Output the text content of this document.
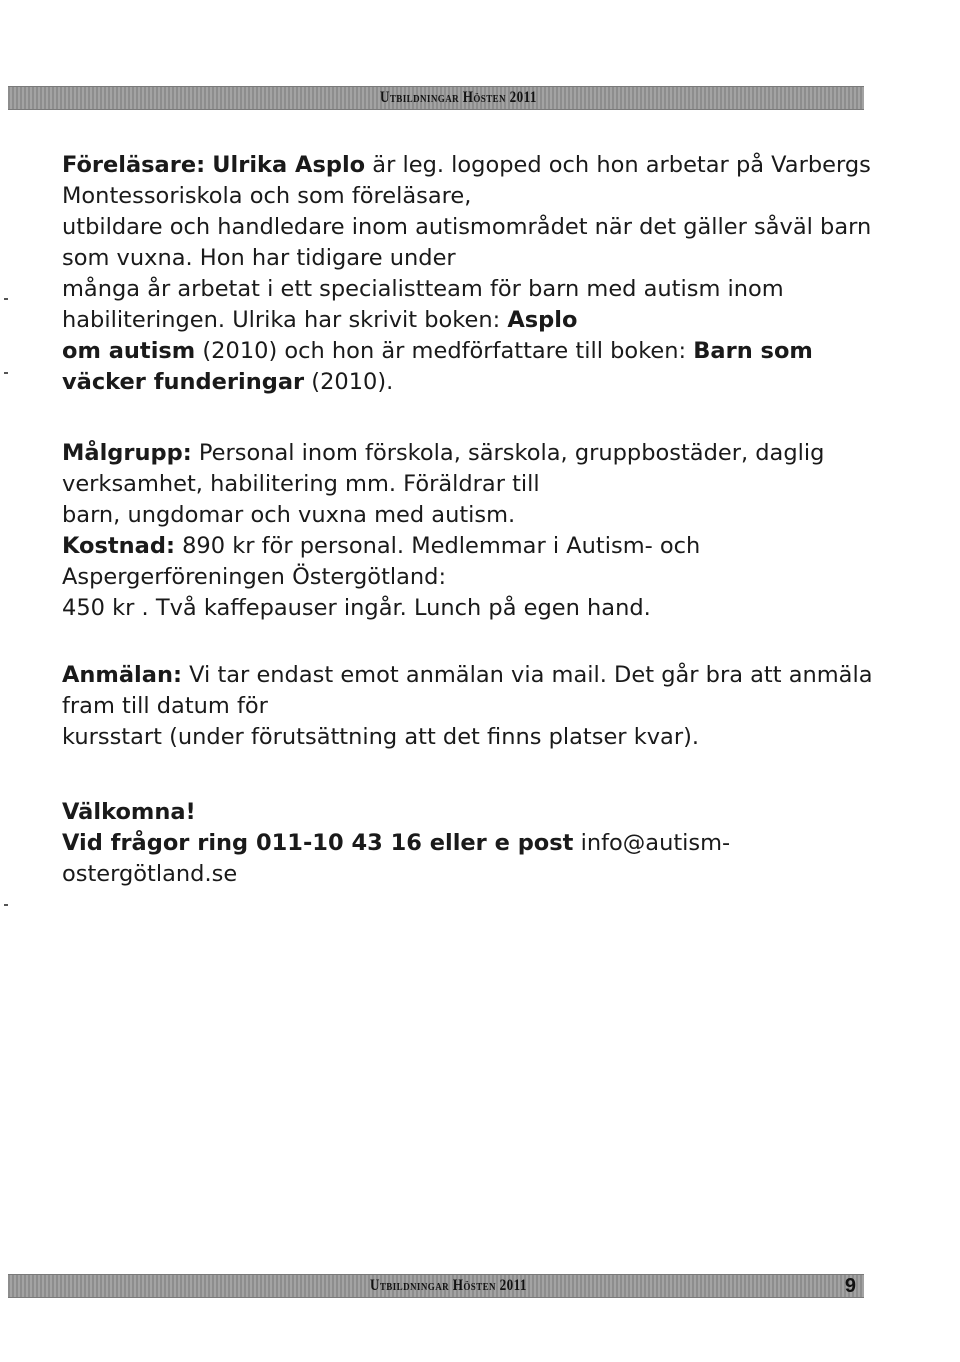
Utbildningar Hösten 2011

Föreläsare: Ulrika Asplo är leg. logoped och hon arbetar på Varbergs
Montessoriskola och som föreläsare,
utbildare och handledare inom autismområdet när det gäller såväl barn
som vuxna. Hon har tidigare under
många år arbetat i ett specialistteam för barn med autism inom
habiliteringen. Ulrika har skrivit boken: Asplo
om autism (2010) och hon är medförfattare till boken: Barn som
väcker funderingar (2010).

Målgrupp: Personal inom förskola, särskola, gruppbostäder, daglig
verksamhet, habilitering mm. Föräldrar till
barn, ungdomar och vuxna med autism.
Kostnad: 890 kr för personal. Medlemmar i Autism- och
Aspergerföreningen Östergötland:
450 kr . Två kaffepauser ingår. Lunch på egen hand.

Anmälan: Vi tar endast emot anmälan via mail. Det går bra att anmäla
fram till datum för
kursstart (under förutsättning att det finns platser kvar).

Välkomna!
Vid frågor ring 011-10 43 16 eller e post info@autism-
ostergötland.se

Utbildningar Hösten 2011	9
